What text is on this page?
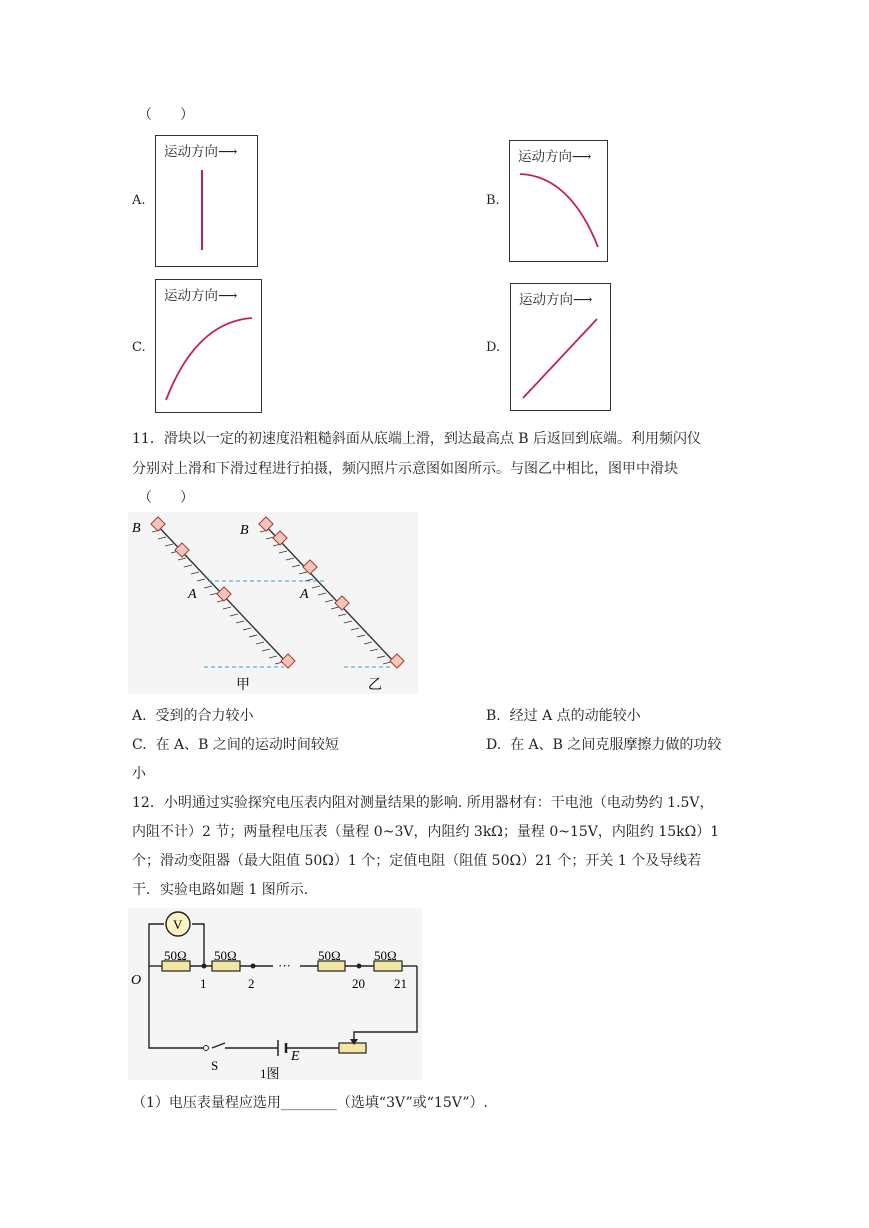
（　　）
A.
运动方向⟶
B.
运动方向⟶
C.
运动方向⟶
D.
运动方向⟶
11．滑块以一定的初速度沿粗糙斜面从底端上滑，到达最高点 B 后返回到底端。利用频闪仪
分别对上滑和下滑过程进行拍摄，频闪照片示意图如图所示。与图乙中相比，图甲中滑块
（　　）
B
A
B
A
甲	乙
A. 受到的合力较小	B. 经过 A 点的动能较小
C. 在 A、B 之间的运动时间较短	D. 在 A、B 之间克服摩擦力做的功较
小
12．小明通过实验探究电压表内阻对测量结果的影响. 所用器材有：干电池（电动势约 1.5V，
内阻不计）2 节；两量程电压表（量程 0~3V，内阻约 3kΩ；量程 0~15V，内阻约 15kΩ）1
个；滑动变阻器（最大阻值 50Ω）1 个；定值电阻（阻值 50Ω）21 个；开关 1 个及导线若
干．实验电路如题 1 图所示.
V
50Ω 50Ω	50Ω	50Ω
O	1	2
···
20 21
S
E
1图
（1）电压表量程应选用________（选填“3V”或“15V”）.
